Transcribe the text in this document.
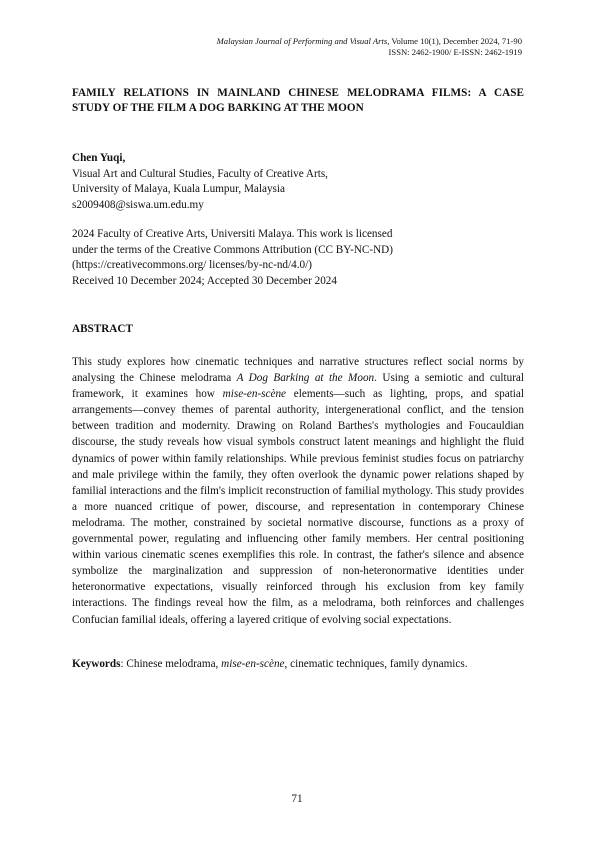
Malaysian Journal of Performing and Visual Arts, Volume 10(1), December 2024, 71-90
ISSN: 2462-1900/ E-ISSN: 2462-1919
FAMILY RELATIONS IN MAINLAND CHINESE MELODRAMA FILMS: A CASE STUDY OF THE FILM A DOG BARKING AT THE MOON
Chen Yuqi,
Visual Art and Cultural Studies, Faculty of Creative Arts,
University of Malaya, Kuala Lumpur, Malaysia
s2009408@siswa.um.edu.my
2024 Faculty of Creative Arts, Universiti Malaya. This work is licensed
under the terms of the Creative Commons Attribution (CC BY-NC-ND)
(https://creativecommons.org/ licenses/by-nc-nd/4.0/)
Received 10 December 2024; Accepted 30 December 2024
ABSTRACT
This study explores how cinematic techniques and narrative structures reflect social norms by analysing the Chinese melodrama A Dog Barking at the Moon. Using a semiotic and cultural framework, it examines how mise-en-scène elements—such as lighting, props, and spatial arrangements—convey themes of parental authority, intergenerational conflict, and the tension between tradition and modernity. Drawing on Roland Barthes's mythologies and Foucauldian discourse, the study reveals how visual symbols construct latent meanings and highlight the fluid dynamics of power within family relationships. While previous feminist studies focus on patriarchy and male privilege within the family, they often overlook the dynamic power relations shaped by familial interactions and the film's implicit reconstruction of familial mythology. This study provides a more nuanced critique of power, discourse, and representation in contemporary Chinese melodrama. The mother, constrained by societal normative discourse, functions as a proxy of governmental power, regulating and influencing other family members. Her central positioning within various cinematic scenes exemplifies this role. In contrast, the father's silence and absence symbolize the marginalization and suppression of non-heteronormative identities under heteronormative expectations, visually reinforced through his exclusion from key family interactions. The findings reveal how the film, as a melodrama, both reinforces and challenges Confucian familial ideals, offering a layered critique of evolving social expectations.
Keywords: Chinese melodrama, mise-en-scène, cinematic techniques, family dynamics.
71
